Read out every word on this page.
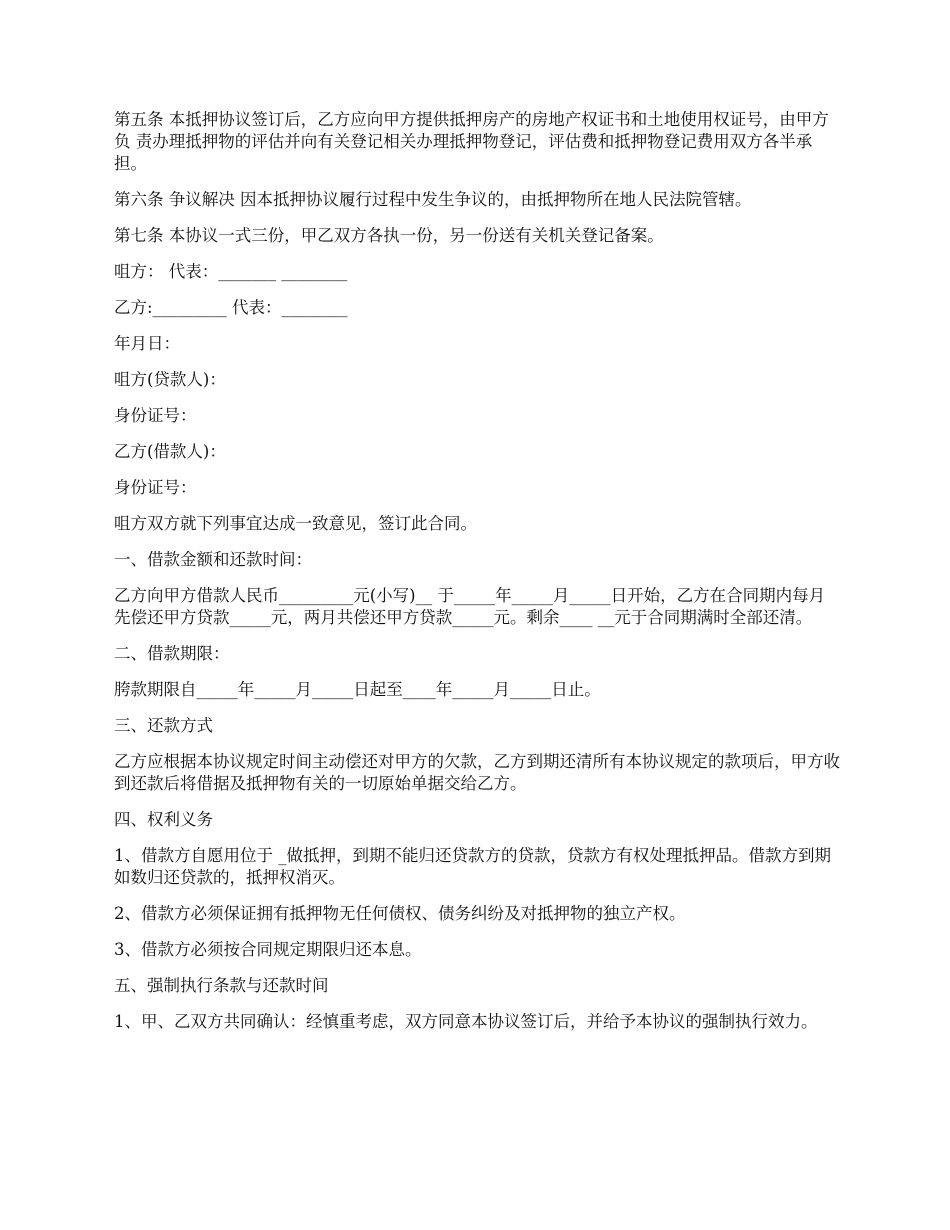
第五条 本抵押协议签订后，乙方应向甲方提供抵押房产的房地产权证书和土地使用权证号，由甲方负 责办理抵押物的评估并向有关登记相关办理抵押物登记，评估费和抵押物登记费用双方各半承担。

第六条 争议解决 因本抵押协议履行过程中发生争议的，由抵押物所在地人民法院管辖。

第七条 本协议一式三份，甲乙双方各执一份，另一份送有关机关登记备案。

咀方： 代表：_______ ________

乙方:_________ 代表：________

年月日：

咀方(贷款人)：

身份证号：

乙方(借款人)：

身份证号：

咀方双方就下列事宜达成一致意见，签订此合同。

一、借款金额和还款时间：

乙方向甲方借款人民币_________元(小写)__ 于_____年_____月_____日开始，乙方在合同期内每月先偿还甲方贷款_____元，两月共偿还甲方贷款_____元。剩余____ __元于合同期满时全部还清。

二、借款期限：

胯款期限自_____年_____月_____日起至____年_____月_____日止。

三、还款方式

乙方应根据本协议规定时间主动偿还对甲方的欠款，乙方到期还清所有本协议规定的款项后，甲方收到还款后将借据及抵押物有关的一切原始单据交给乙方。

四、权利义务

1、借款方自愿用位于 _做抵押，到期不能归还贷款方的贷款，贷款方有权处理抵押品。借款方到期如数归还贷款的，抵押权消灭。

2、借款方必须保证拥有抵押物无任何债权、债务纠纷及对抵押物的独立产权。

3、借款方必须按合同规定期限归还本息。

五、强制执行条款与还款时间

1、甲、乙双方共同确认：经慎重考虑，双方同意本协议签订后，并给予本协议的强制执行效力。
